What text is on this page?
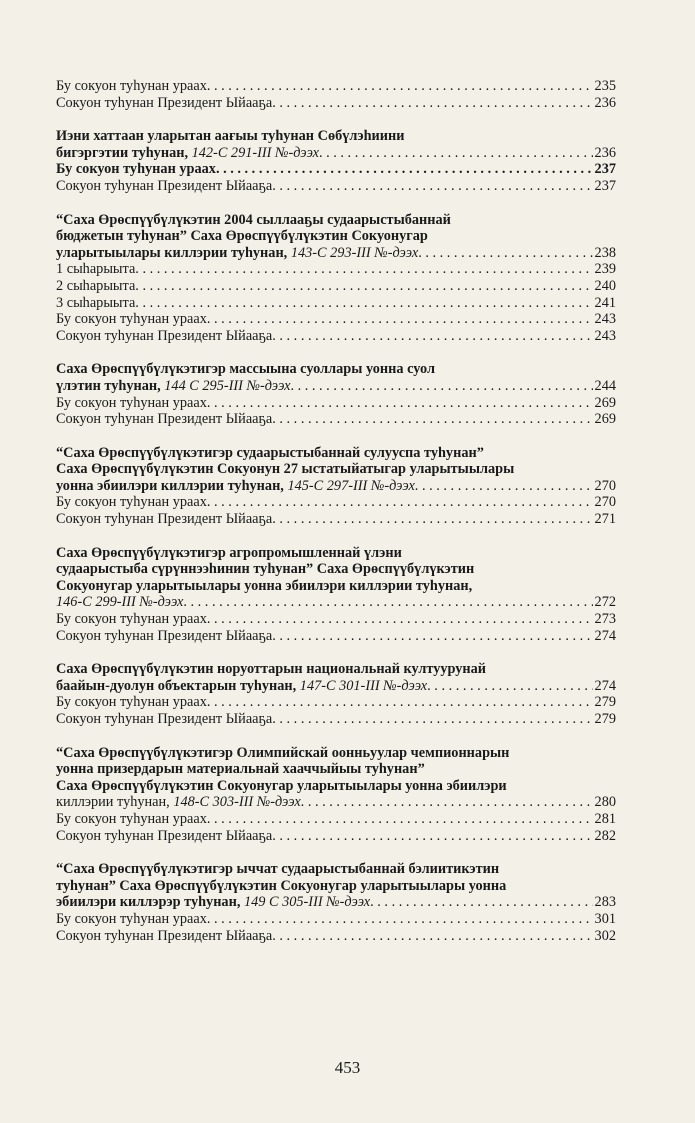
Бу сокуон туһунан ураах . . .	235
Сокуон туһунан Президент Ыйааҕа . . .	236
Иэни хаттаан уларытан аағыы туһунан Сөбүлэһиини
бигэргэтии туһунан, 142-С 291-III №-дээх . . .	236
Бу сокуон туһунан ураах . . .	237
Сокуон туһунан Президент Ыйааҕа . . .	237
“Саха Өрөспүүбүлүкэтин 2004 сыллааҕы судаарыстыбаннай
бюджетын туһунан” Саха Өрөспүүбүлүкэтин Сокуонугар
уларытыылары киллэрии туһунан, 143-С 293-III №-дээх . . .	238
1 сыһарыыта . . .	239
2 сыһарыыта . . .	240
3 сыһарыыта . . .	241
Бу сокуон туһунан ураах . . .	243
Сокуон туһунан Президент Ыйааҕа . . .	243
Саха Өрөспүүбүлүкэтигэр массыына суоллары уонна суол
үлэтин туһунан, 144 С 295-III №-дээх . . .	244
Бу сокуон туһунан ураах . . .	269
Сокуон туһунан Президент Ыйааҕа . . .	269
“Саха Өрөспүүбүлүкэтигэр судаарыстыбаннай сулууспа туһунан”
Саха Өрөспүүбүлүкэтин Сокуонун 27 ыстатыйатыгар уларытыылары
уонна эбиилэри киллэрии туһунан, 145-С 297-III №-дээх . . .	270
Бу сокуон туһунан ураах . . .	270
Сокуон туһунан Президент Ыйааҕа . . .	271
Саха Өрөспүүбүлүкэтигэр агропромышленнай үлэни
судаарыстыба сүрүннээһинин туһунан” Саха Өрөспүүбүлүкэтин
Сокуонугар уларытыылары уонна эбиилэри киллэрии туһунан,
146-С 299-III №-дээх . . .	272
Бу сокуон туһунан ураах . . .	273
Сокуон туһунан Президент Ыйааҕа . . .	274
Саха Өрөспүүбүлүкэтин норуоттарын национальнай култуурунай
баайын-дуолун объектарын туһунан, 147-С 301-III №-дээх . . .	274
Бу сокуон туһунан ураах . . .	279
Сокуон туһунан Президент Ыйааҕа . . .	279
“Саха Өрөспүүбүлүкэтигэр Олимпийскай оонньуулар чемпионнарын
уонна призердарын материальнай хааччыйыы туһунан”
Саха Өрөспүүбүлүкэтин Сокуонугар уларытыылары уонна эбиилэри
киллэрии туһунан, 148-С 303-III №-дээх . . .	280
Бу сокуон туһунан ураах . . .	281
Сокуон туһунан Президент Ыйааҕа . . .	282
“Саха Өрөспүүбүлүкэтигэр ыччат судаарыстыбаннай бэлиитикэтин
туһунан” Саха Өрөспүүбүлүкэтин Сокуонугар уларытыылары уонна
эбиилэри киллэрэр туһунан, 149 С 305-III №-дээх . . .	283
Бу сокуон туһунан ураах . . .	301
Сокуон туһунан Президент Ыйааҕа . . .	302
453
